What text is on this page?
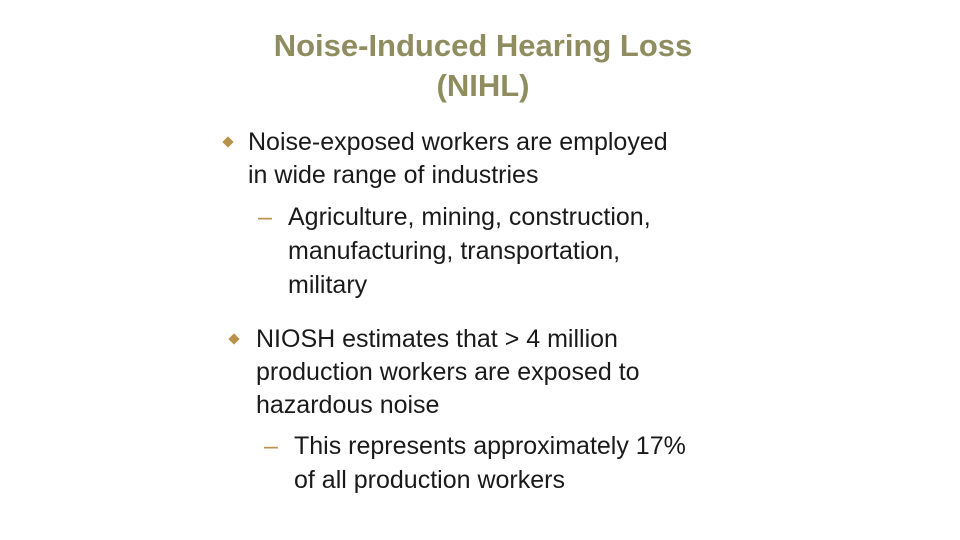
Noise-Induced Hearing Loss
(NIHL)
Noise-exposed workers are employed
in wide range of industries
– Agriculture, mining, construction,
manufacturing, transportation,
military
NIOSH estimates that > 4 million
production workers are exposed to
hazardous noise
– This represents approximately 17%
of all production workers
